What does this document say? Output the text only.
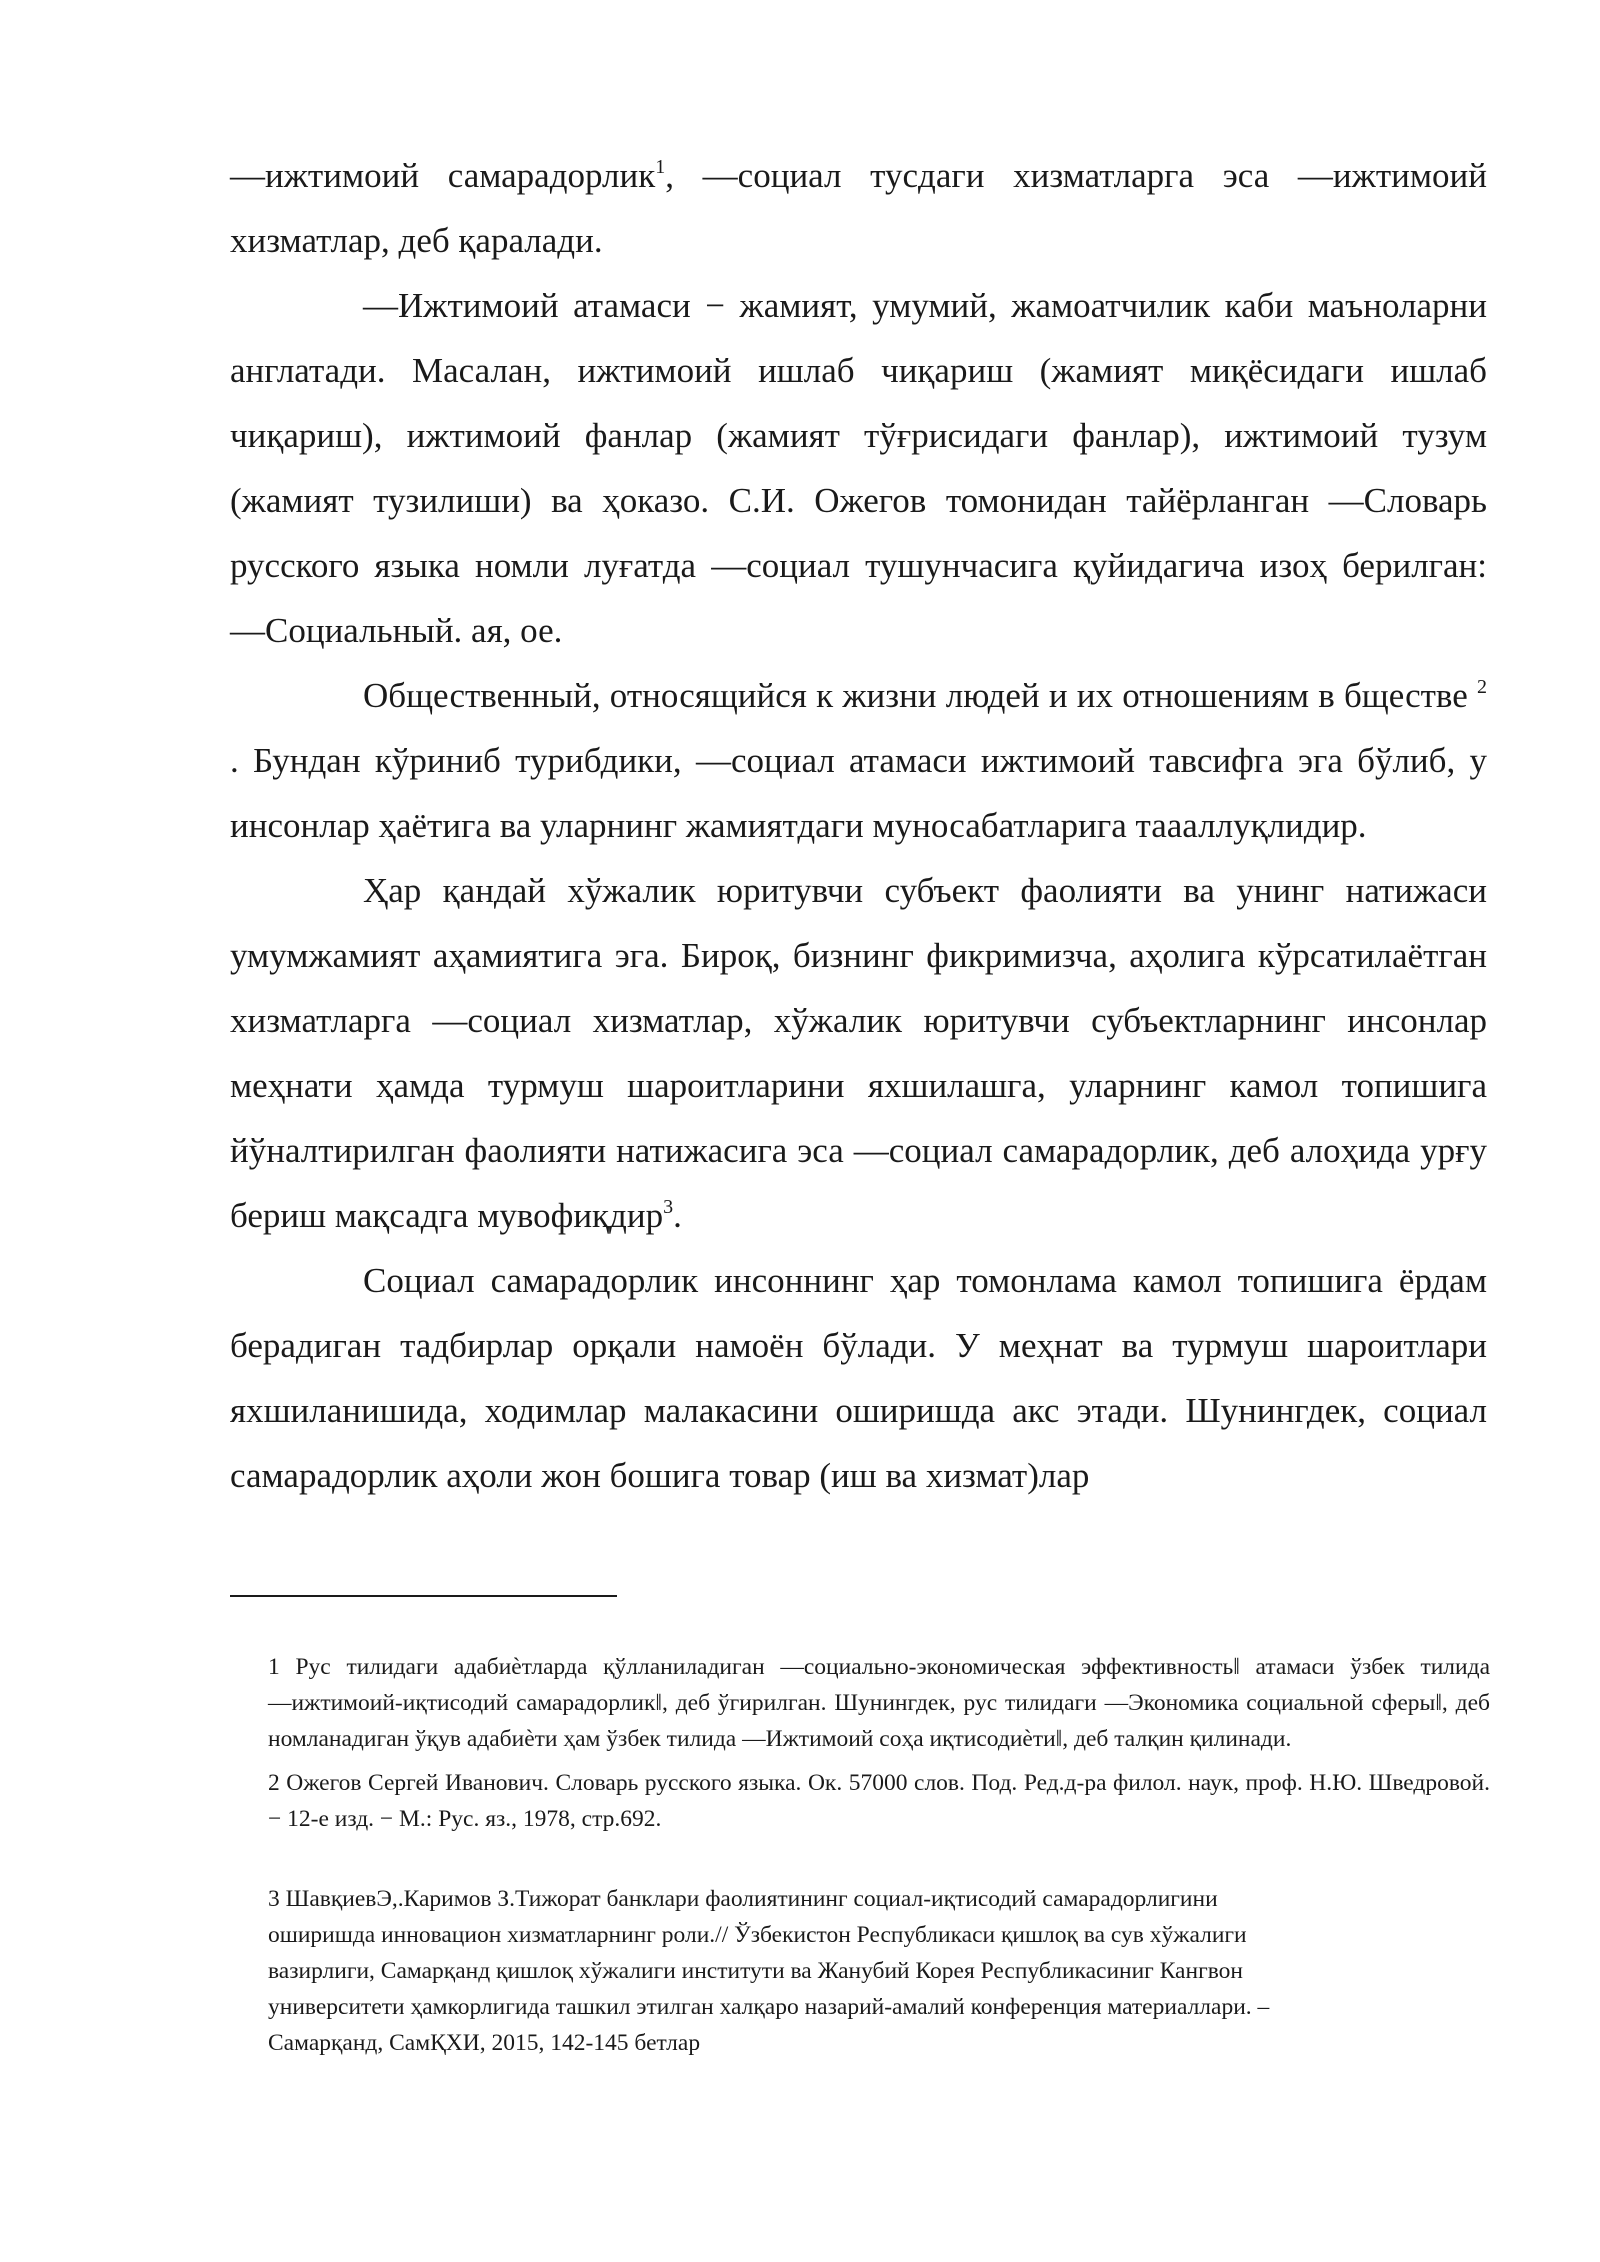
―ижтимоий самарадорлик$^1$, ―социал тусдаги хизматларга эса ―ижтимоий хизматлар, деб қаралади.

―Ижтимоий атамаси − жамият, умумий, жамоатчилик каби маъноларни англатади. Масалан, ижтимоий ишлаб чиқариш (жамият миқёсидаги ишлаб чиқариш), ижтимоий фанлар (жамият тўғрисидаги фанлар), ижтимоий тузум (жамият тузилиши) ва ҳоказо. С.И. Ожегов томонидан тайёрланган ―Словарь русского языка номли луғатда ―социал тушунчасига қуйидагича изоҳ берилган: ―Социальный. ая, ое.

Общественный, относящийся к жизни людей и их отношениям в бществе $^2$ . Бундан кўриниб турибдики, ―социал атамаси ижтимоий тавсифга эга бўлиб, у инсонлар ҳаётига ва уларнинг жамиятдаги муносабатларига таааллуқлидир.

Ҳар қандай хўжалик юритувчи субъект фаолияти ва унинг натижаси умумжамият аҳамиятига эга. Бироқ, бизнинг фикримизча, аҳолига кўрсатилаётган хизматларга ―социал хизматлар, хўжалик юритувчи субъектларнинг инсонлар меҳнати ҳамда турмуш шароитларини яхшилашга, уларнинг камол топишига йўналтирилган фаолияти натижасига эса ―социал самарадорлик, деб алоҳида урғу бериш мақсадга мувофиқдир$^3$.

Социал самарадорлик инсоннинг ҳар томонлама камол топишига ёрдам берадиган тадбирлар орқали намоён бўлади. У меҳнат ва турмуш шароитлари яхшиланишида, ходимлар малакасини оширишда акс этади. Шунингдек, социал самарадорлик аҳоли жон бошига товар (иш ва хизмат)лар

1 Рус тилидаги адабиѐтларда қўлланиладиган ―социально-экономическая эффективность‖ атамаси ўзбек тилида ―ижтимоий-иқтисодий самарадорлик‖, деб ўгирилган. Шунингдек, рус тилидаги ―Экономика социальной сферы‖, деб номланадиган ўқув адабиѐти ҳам ўзбек тилида ―Ижтимоий соҳа иқтисодиѐти‖, деб талқин қилинади.

2 Ожегов Сергей Иванович. Словарь русского языка. Ок. 57000 слов. Под. Ред.д-ра филол. наук, проф. Н.Ю. Шведровой. − 12-е изд. − М.: Рус. яз., 1978, стр.692.

3 ШавқиевЭ,.Каримов З.Тижорат банклари фаолиятининг социал-иқтисодий самарадорлигини

оширишда инновацион хизматларнинг роли.// Ўзбекистон Республикаси қишлоқ ва сув хўжалиги

вазирлиги, Самарқанд қишлоқ хўжалиги институти ва Жанубий Корея Республикасиниг Кангвон

университети ҳамкорлигида ташкил этилган халқаро назарий-амалий конференция материаллари. –

Самарқанд, СамҚХИ, 2015, 142-145 бетлар
